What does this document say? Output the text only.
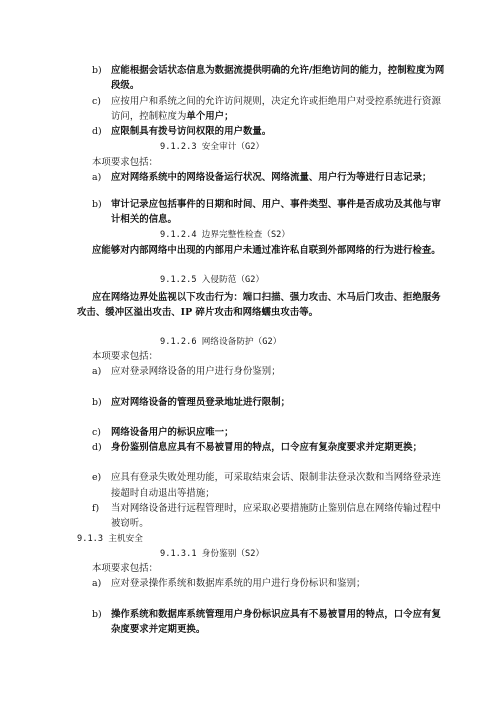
b) 应能根据会话状态信息为数据流提供明确的允许/拒绝访问的能力，控制粒度为网
段级。
c) 应按用户和系统之间的允许访问规则，决定允许或拒绝用户对受控系统进行资源
访问，控制粒度为单个用户；
d) 应限制具有拨号访问权限的用户数量。
9.1.2.3 安全审计（G2）
本项要求包括：
a) 应对网络系统中的网络设备运行状况、网络流量、用户行为等进行日志记录；
b) 审计记录应包括事件的日期和时间、用户、事件类型、事件是否成功及其他与审
计相关的信息。
9.1.2.4 边界完整性检查（S2）
应能够对内部网络中出现的内部用户未通过准许私自联到外部网络的行为进行检查。
9.1.2.5 入侵防范（G2）
应在网络边界处监视以下攻击行为：端口扫描、强力攻击、木马后门攻击、拒绝服务
攻击、缓冲区溢出攻击、IP 碎片攻击和网络蠕虫攻击等。
9.1.2.6 网络设备防护（G2）
本项要求包括：
a) 应对登录网络设备的用户进行身份鉴别；
b) 应对网络设备的管理员登录地址进行限制；
c) 网络设备用户的标识应唯一；
d) 身份鉴别信息应具有不易被冒用的特点，口令应有复杂度要求并定期更换；
e) 应具有登录失败处理功能，可采取结束会话、限制非法登录次数和当网络登录连
接超时自动退出等措施；
f) 当对网络设备进行远程管理时，应采取必要措施防止鉴别信息在网络传输过程中
被窃听。
9.1.3 主机安全
9.1.3.1 身份鉴别（S2）
本项要求包括：
a) 应对登录操作系统和数据库系统的用户进行身份标识和鉴别；
b) 操作系统和数据库系统管理用户身份标识应具有不易被冒用的特点，口令应有复
杂度要求并定期更换。
